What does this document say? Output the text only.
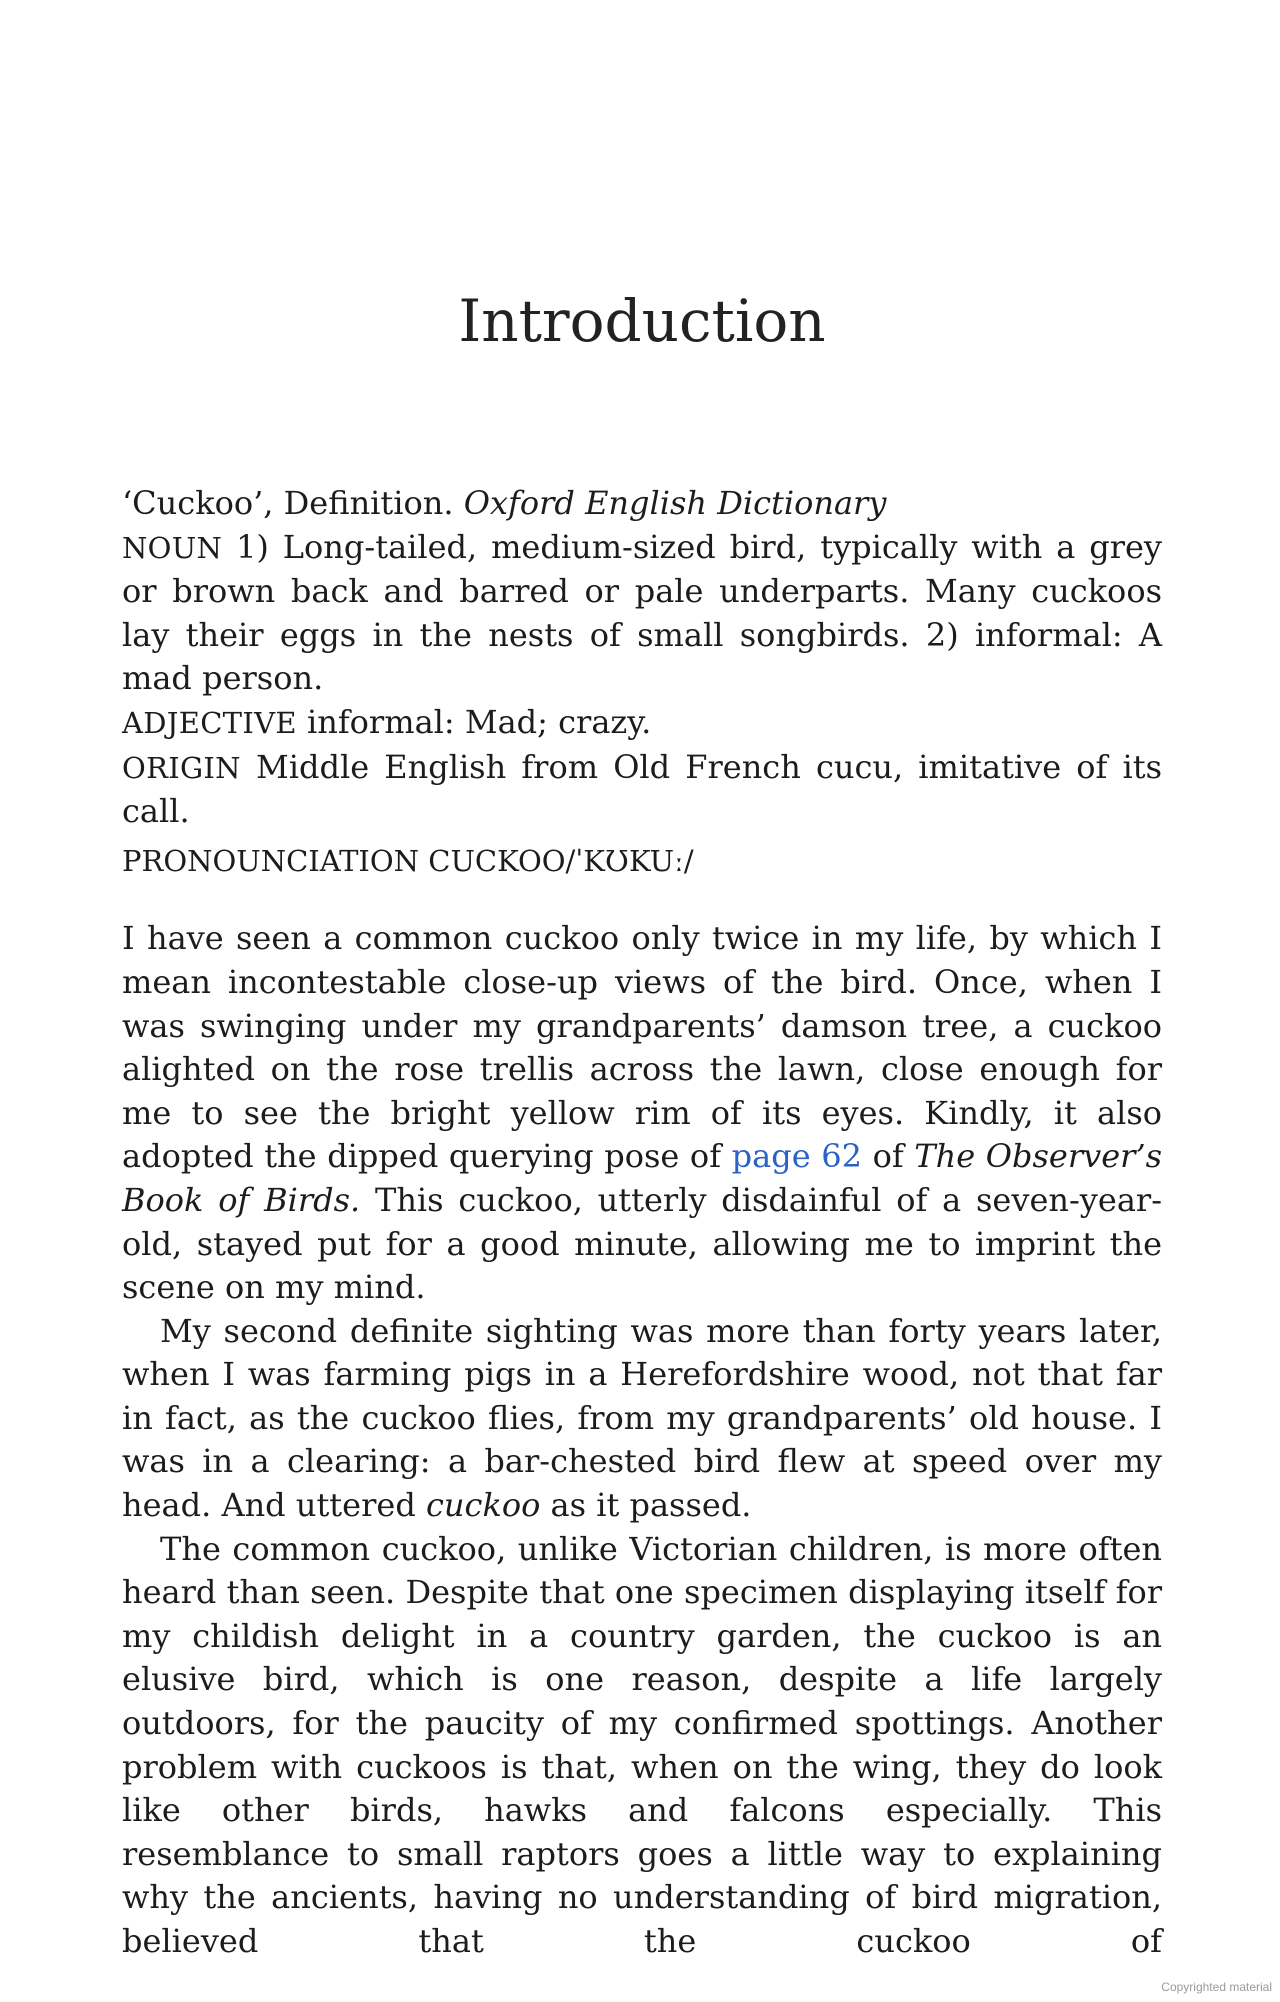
Introduction

‘Cuckoo’, Definition. Oxford English Dictionary

NOUN 1) Long-tailed, medium-sized bird, typically with a grey or brown back and barred or pale underparts. Many cuckoos lay their eggs in the nests of small songbirds. 2) informal: A mad person.

ADJECTIVE informal: Mad; crazy.

ORIGIN Middle English from Old French cucu, imitative of its call.

PRONOUNCIATION CUCKOO/ˈKƱKUː/

I have seen a common cuckoo only twice in my life, by which I mean incontestable close-up views of the bird. Once, when I was swinging under my grandparents’ damson tree, a cuckoo alighted on the rose trellis across the lawn, close enough for me to see the bright yellow rim of its eyes. Kindly, it also adopted the dipped querying pose of page 62 of The Observer’s Book of Birds. This cuckoo, utterly disdainful of a seven-year-old, stayed put for a good minute, allowing me to imprint the scene on my mind.

My second definite sighting was more than forty years later, when I was farming pigs in a Herefordshire wood, not that far in fact, as the cuckoo flies, from my grandparents’ old house. I was in a clearing: a bar-chested bird flew at speed over my head. And uttered cuckoo as it passed.

The common cuckoo, unlike Victorian children, is more often heard than seen. Despite that one specimen displaying itself for my childish delight in a country garden, the cuckoo is an elusive bird, which is one reason, despite a life largely outdoors, for the paucity of my confirmed spottings. Another problem with cuckoos is that, when on the wing, they do look like other birds, hawks and falcons especially. This resemblance to small raptors goes a little way to explaining why the ancients, having no understanding of bird migration, believed that the cuckoo of

Copyrighted material
